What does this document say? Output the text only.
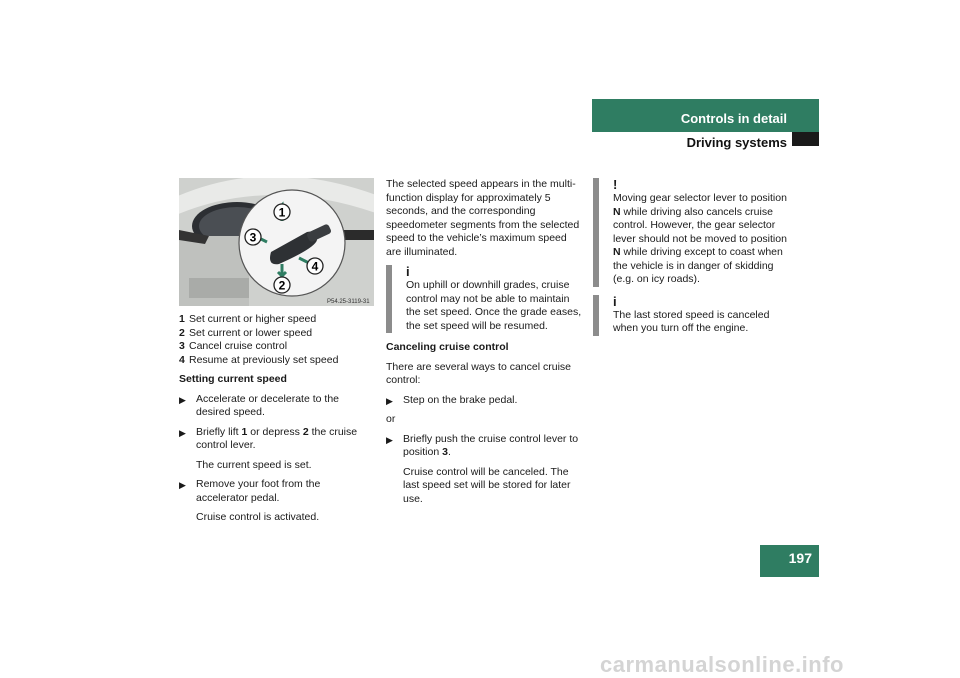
Controls in detail
Driving systems
1
2
3
4
P54.25-3119-31
1 Set current or higher speed
2 Set current or lower speed
3 Cancel cruise control
4 Resume at previously set speed
Setting current speed
▶ Accelerate or decelerate to the desired speed.
▶ Briefly lift 1 or depress 2 the cruise control lever.
The current speed is set.
▶ Remove your foot from the accelerator pedal.
Cruise control is activated.

The selected speed appears in the multi-function display for approximately 5 seconds, and the corresponding speedometer segments from the selected speed to the vehicle’s maximum speed are illuminated.

i
On uphill or downhill grades, cruise control may not be able to maintain the set speed. Once the grade eases, the set speed will be resumed.
Canceling cruise control

There are several ways to cancel cruise control:

▶ Step on the brake pedal.

or

▶ Briefly push the cruise control lever to position 3.
Cruise control will be canceled. The last speed set will be stored for later use.
!
Moving gear selector lever to position N while driving also cancels cruise control. However, the gear selector lever should not be moved to position N while driving except to coast when the vehicle is in danger of skidding (e.g. on icy roads).
i
The last stored speed is canceled when you turn off the engine.
197
carmanualsonline.info
